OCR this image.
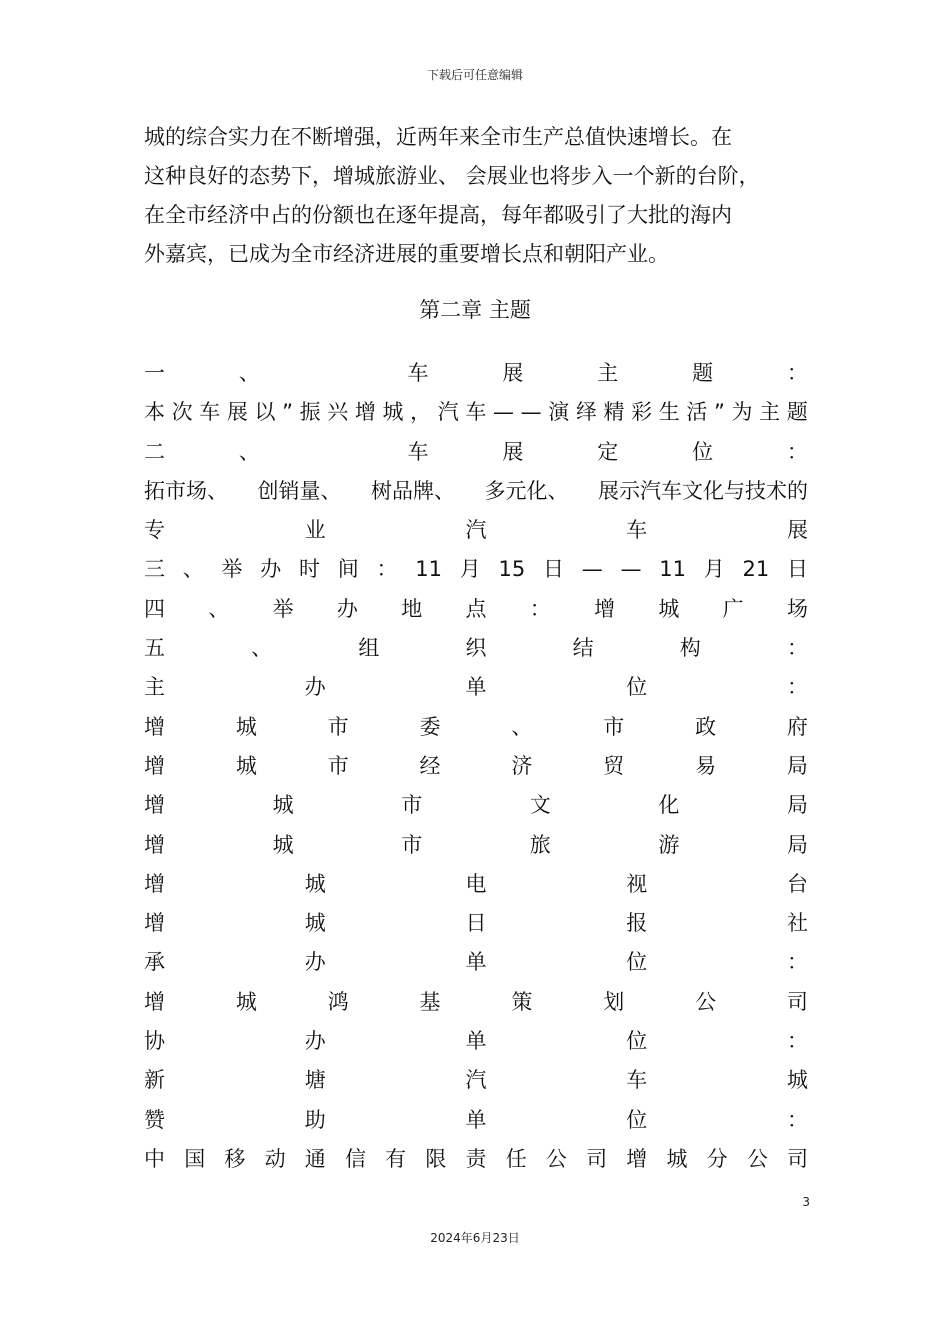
下载后可任意编辑

城的综合实力在不断增强，近两年来全市生产总值快速增长。在
这种良好的态势下，增城旅游业、 会展业也将步入一个新的台阶，
在全市经济中占的份额也在逐年提高，每年都吸引了大批的海内
外嘉宾，已成为全市经济进展的重要增长点和朝阳产业。

第二章 主题
一	、	车	展	主	题	：
本 次 车 展 以 ” 振 兴 增 城 ， 汽 车 — — 演 绎 精 彩 生 活 ” 为 主 题
二	、	车	展	定	位	：
拓市场、 创销量、 树品牌、 多元化、 展示汽车文化与技术的
专	业	汽	车	展
三 、 举 办 时 间 ： 11 月 15 日 — — 11 月 21 日
四 、 举 办 地 点 ： 增 城 广 场
五	、	组	织	结	构	：
主	办	单	位	：
增	城	市	委	、	市	政	府
增	城	市	经	济	贸	易	局
增	城	市	文	化	局
增	城	市	旅	游	局
增	城	电	视	台
增	城	日	报	社
承	办	单	位	：
增	城	鸿	基	策	划	公	司
协	办	单	位	：
新	塘	汽	车	城
赞	助	单	位	：
中 国 移 动 通 信 有 限 责 任 公 司 增 城 分 公 司
3
2024年6月23日
